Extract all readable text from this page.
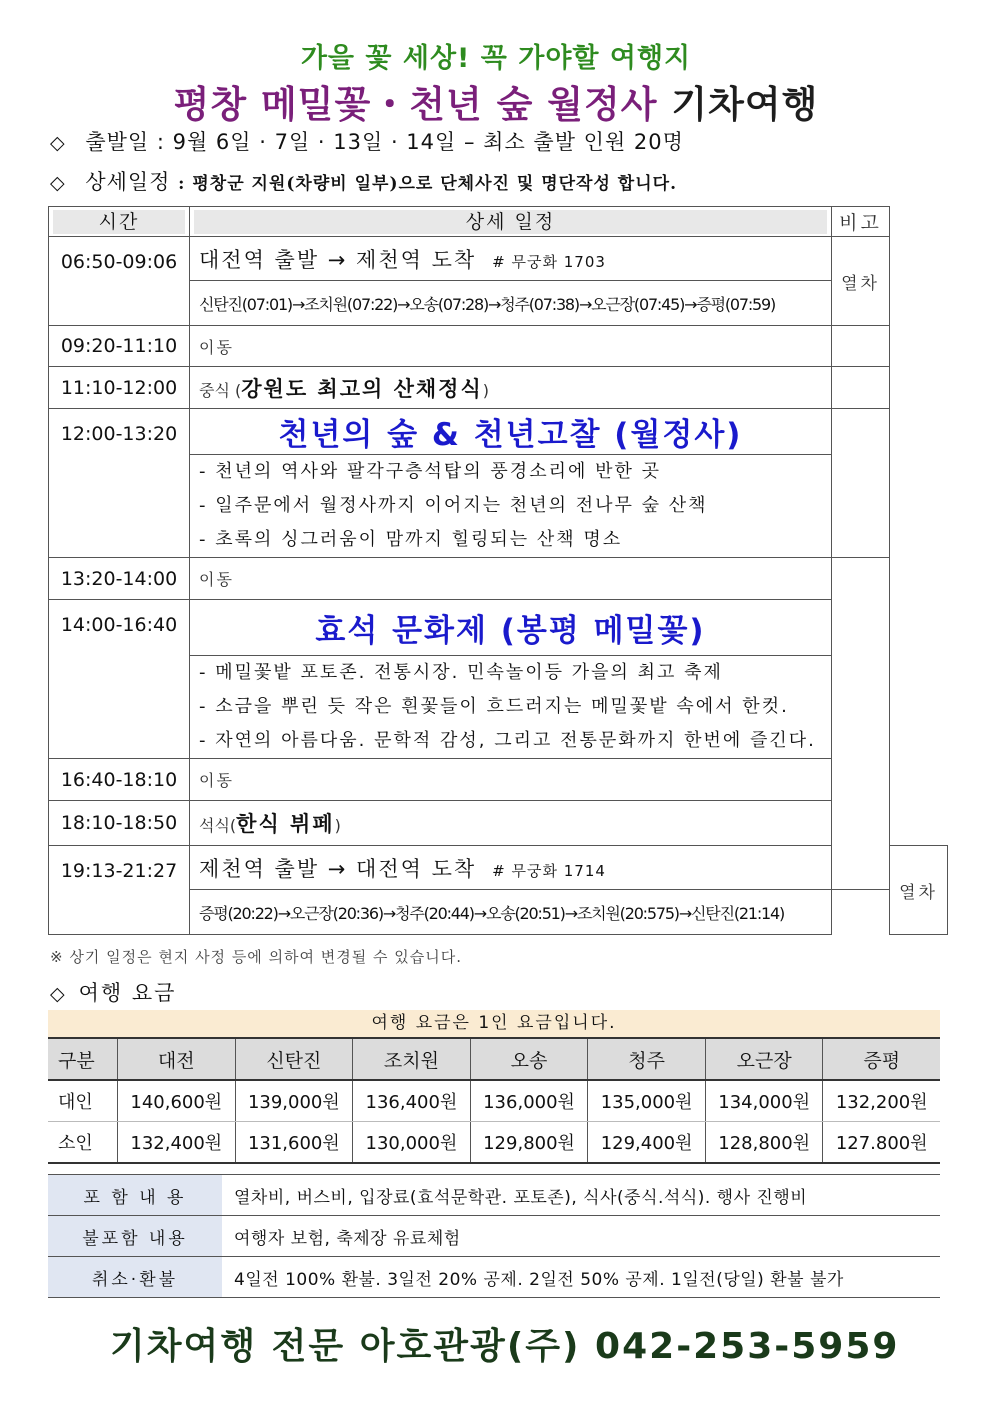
가을 꽃 세상! 꼭 가야할 여행지
평창 메밀꽃・천년 숲 월정사 기차여행
◇ 출발일 : 9월 6일 · 7일 · 13일 · 14일 – 최소 출발 인원 20명
◇ 상세일정 : 평창군 지원(차량비 일부)으로 단체사진 및 명단작성 합니다.
시간	상세 일정	비고	
06:50-09:06	대전역 출발 → 제천역 도착 # 무궁화 1703	열차	
	신탄진(07:01)→조치원(07:22)→오송(07:28)→청주(07:38)→오근장(07:45)→증평(07:59)		
09:20-11:10	이동		
11:10-12:00	중식 (강원도 최고의 산채정식)		
12:00-13:20	천년의 숲 & 천년고찰 (월정사)		

	- 천년의 역사와 팔각구층석탑의 풍경소리에 반한 곳
- 일주문에서 월정사까지 이어지는 천년의 전나무 숲 산책
- 초록의 싱그러움이 맘까지 힐링되는 산책 명소		

13:20-14:00	이동		
14:00-16:40	효석 문화제 (봉평 메밀꽃)		

	- 메밀꽃밭 포토존. 전통시장. 민속놀이등 가을의 최고 축제
- 소금을 뿌린 듯 작은 흰꽃들이 흐드러지는 메밀꽃밭 속에서 한컷.
- 자연의 아름다움. 문학적 감성, 그리고 전통문화까지 한번에 즐긴다.		

16:40-18:10	이동		
18:10-18:50	석식(한식 뷔페)		
19:13-21:27	제천역 출발 → 대전역 도착 # 무궁화 1714		열차
	증평(20:22)→오근장(20:36)→청주(20:44)→오송(20:51)→조치원(20:575)→신탄진(21:14)		
※ 상기 일정은 현지 사정 등에 의하여 변경될 수 있습니다.
◇ 여행 요금
여행 요금은 1인 요금입니다.
구분	대전	신탄진	조치원	오송	청주	오근장	증평
대인	140,600원	139,000원	136,400원	136,000원	135,000원	134,000원	132,200원
소인	132,400원	131,600원	130,000원	129,800원	129,400원	128,800원	127.800원
포 함 내 용	열차비, 버스비, 입장료(효석문학관. 포토존), 식사(중식.석식). 행사 진행비
불포함 내용	여행자 보험, 축제장 유료체험
취소·환불	4일전 100% 환불. 3일전 20% 공제. 2일전 50% 공제. 1일전(당일) 환불 불가
기차여행 전문 아호관광(주) 042-253-5959
